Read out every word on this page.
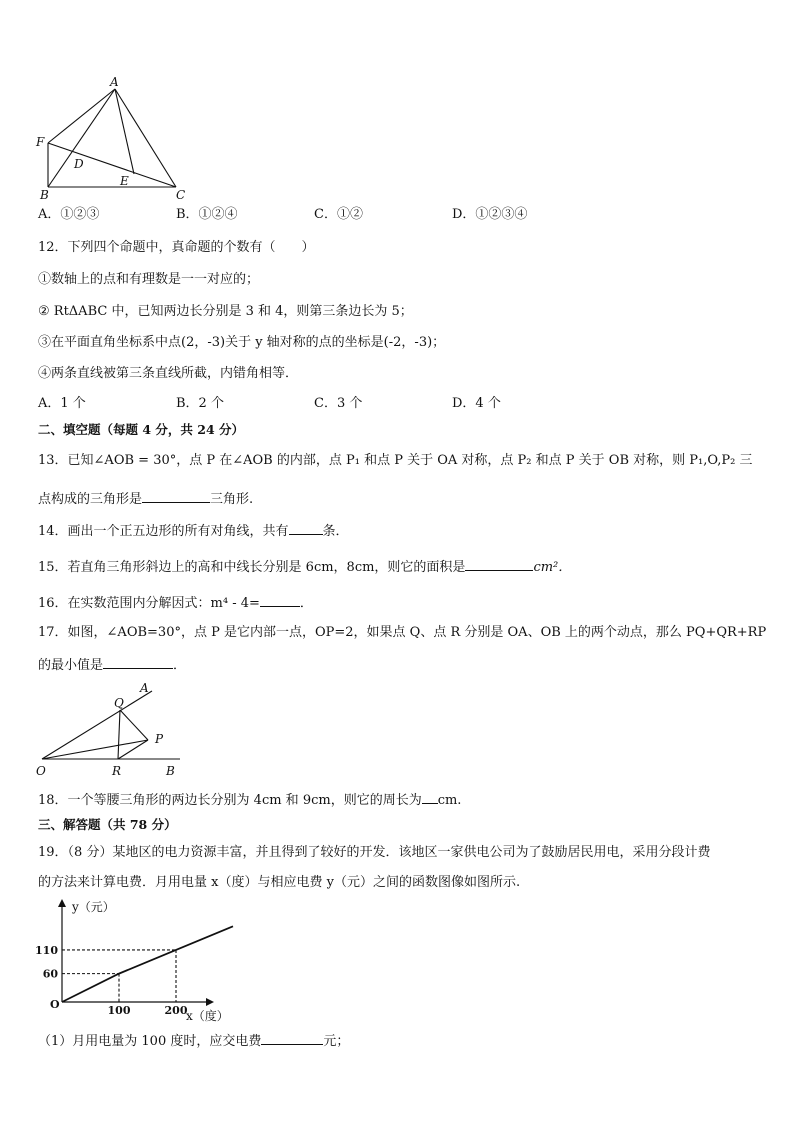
A
F
D
B
E
C
A．①②③	B．①②④	C．①②	D．①②③④
12．下列四个命题中，真命题的个数有（　　）
①数轴上的点和有理数是一一对应的；
② RtΔABC 中，已知两边长分别是 3 和 4，则第三条边长为 5；
③在平面直角坐标系中点(2，-3)关于 y 轴对称的点的坐标是(-2，-3)；
④两条直线被第三条直线所截，内错角相等．
A．1 个	B．2 个	C．3 个	D．4 个
二、填空题（每题 4 分，共 24 分）
13．已知∠AOB = 30°，点 P 在∠AOB 的内部，点 P₁ 和点 P 关于 OA 对称，点 P₂ 和点 P 关于 OB 对称，则 P₁,O,P₂ 三
点构成的三角形是	三角形.
14．画出一个正五边形的所有对角线，共有	条．
15．若直角三角形斜边上的高和中线长分别是 6cm，8cm，则它的面积是	cm²．
16．在实数范围内分解因式：m⁴ - 4=	．
17．如图，∠AOB=30°，点 P 是它内部一点，OP=2，如果点 Q、点 R 分别是 OA、OB 上的两个动点，那么 PQ+QR+RP
的最小值是	．
Q
A
P
O	R	B
18．一个等腰三角形的两边长分别为 4cm 和 9cm，则它的周长为 cm.
三、解答题（共 78 分）
19．（8 分）某地区的电力资源丰富，并且得到了较好的开发．该地区一家供电公司为了鼓励居民用电，采用分段计费
的方法来计算电费．月用电量 x（度）与相应电费 y（元）之间的函数图像如图所示.
y（元）
x（度）
O	100	200
60
110
（1）月用电量为 100 度时，应交电费	元；
